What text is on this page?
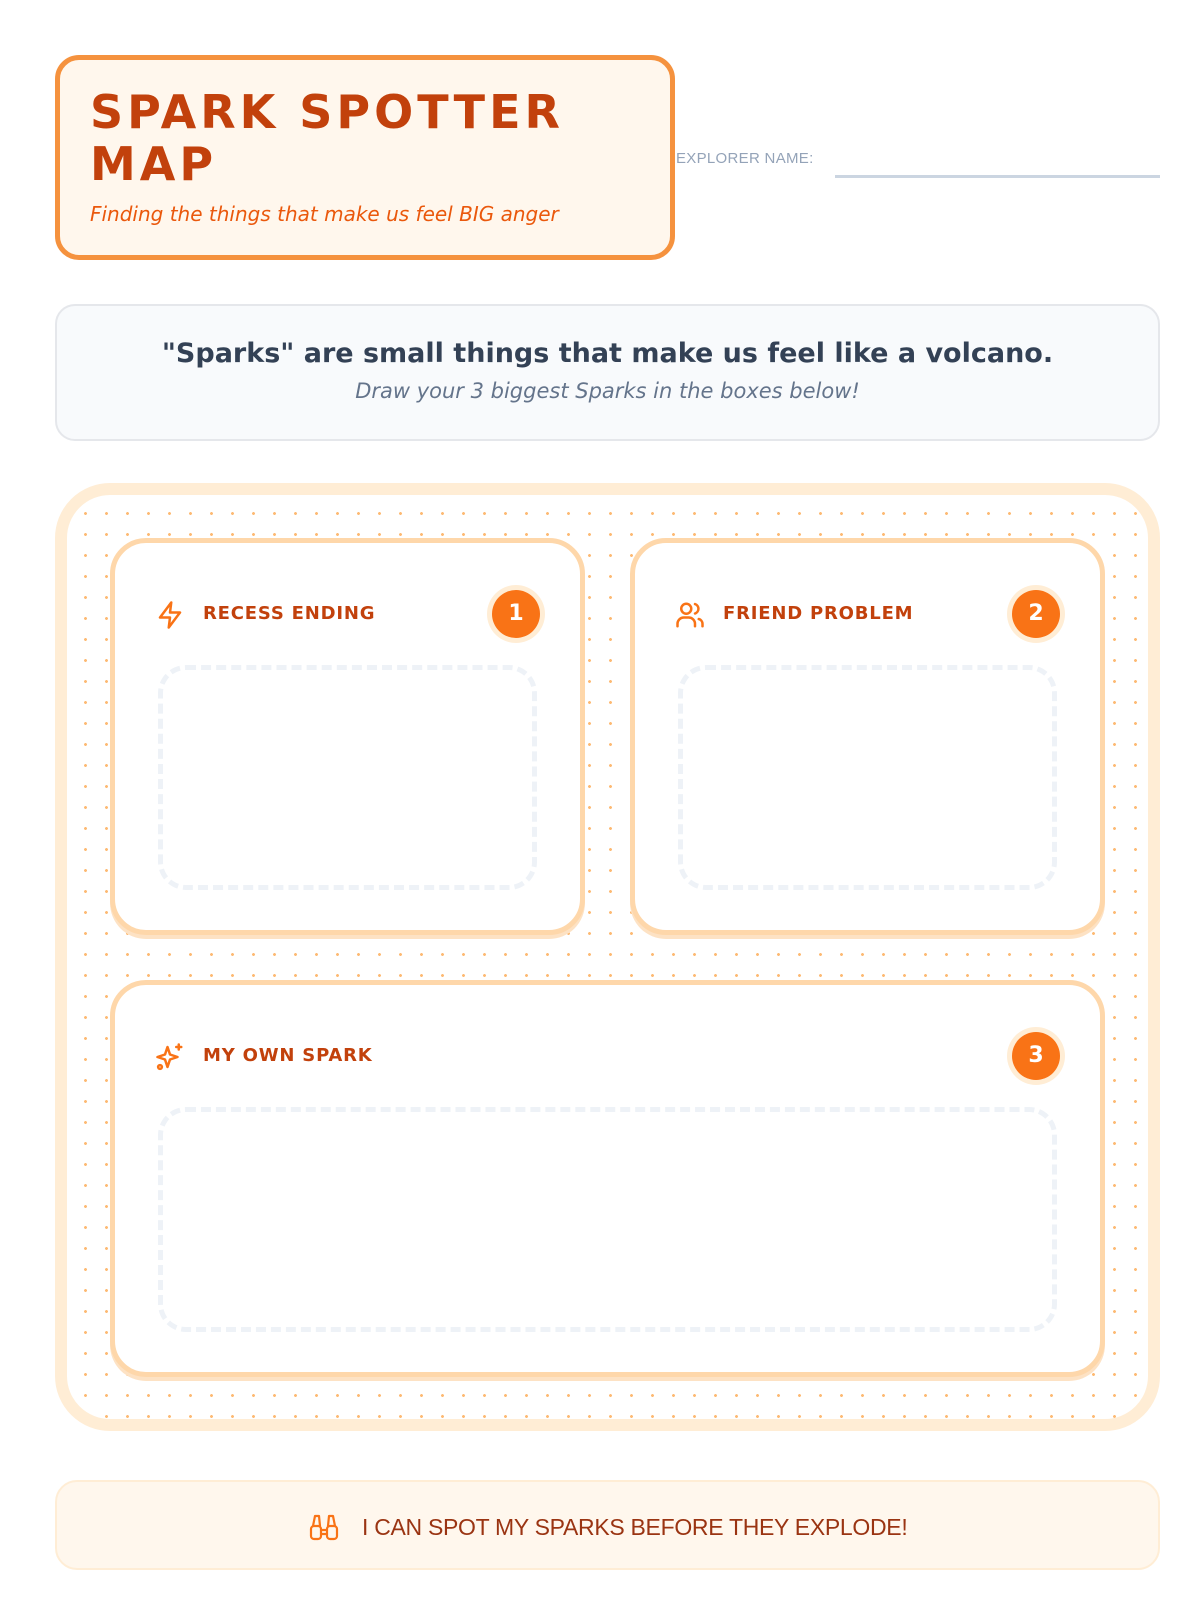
SPARK SPOTTER MAP
Finding the things that make us feel BIG anger
EXPLORER NAME:
"Sparks" are small things that make us feel like a volcano.
Draw your 3 biggest Sparks in the boxes below!
RECESS ENDING	1	FRIEND PROBLEM	2
MY OWN SPARK	3
I CAN SPOT MY SPARKS BEFORE THEY EXPLODE!
